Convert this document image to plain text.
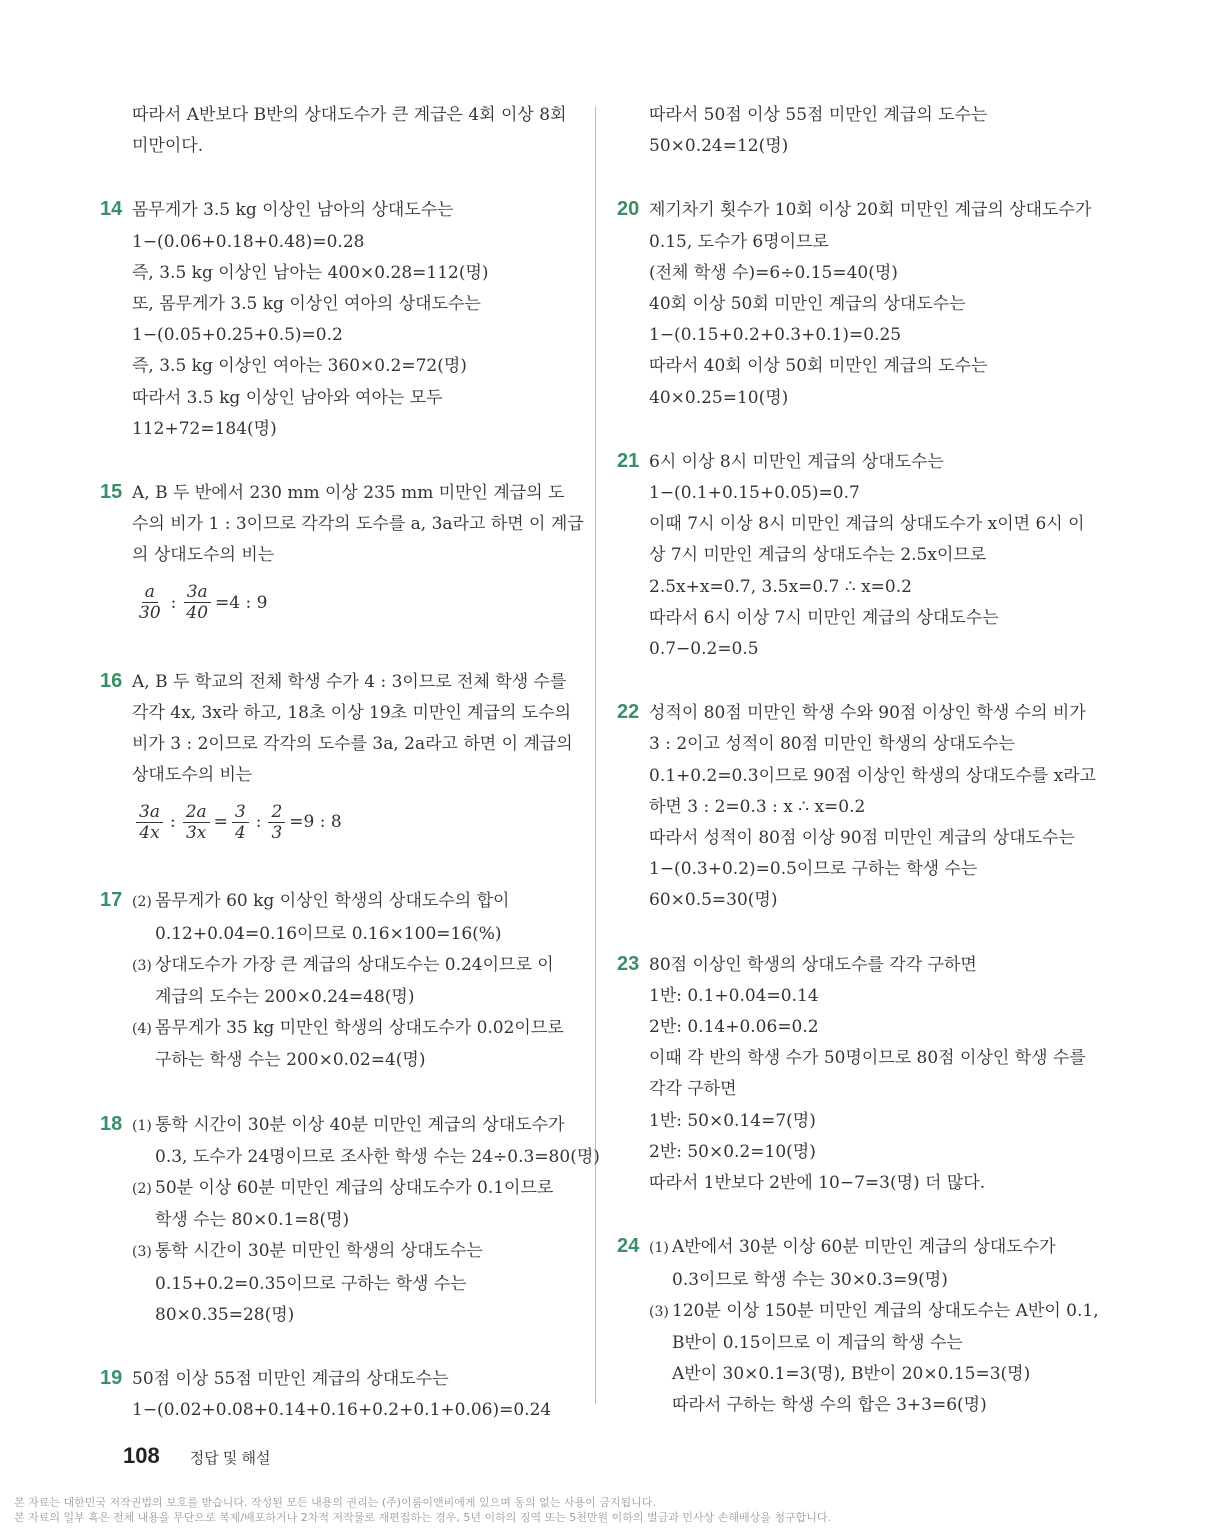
따라서 A반보다 B반의 상대도수가 큰 계급은 4회 이상 8회
미만이다.
14 몸무게가 3.5 kg 이상인 남아의 상대도수는
1−(0.06+0.18+0.48)=0.28
즉, 3.5 kg 이상인 남아는 400×0.28=112(명)
또, 몸무게가 3.5 kg 이상인 여아의 상대도수는
1−(0.05+0.25+0.5)=0.2
즉, 3.5 kg 이상인 여아는 360×0.2=72(명)
따라서 3.5 kg 이상인 남아와 여아는 모두
112+72=184(명)
15 A, B 두 반에서 230 mm 이상 235 mm 미만인 계급의 도
수의 비가 1 : 3이므로 각각의 도수를 a, 3a라고 하면 이 계급
의 상대도수의 비는
$\frac{a}{30}$ : $\frac{3a}{40} =4$ : 9
16 A, B 두 학교의 전체 학생 수가 4 : 3이므로 전체 학생 수를
각각 4x, 3x라 하고, 18초 이상 19초 미만인 계급의 도수의
비가 3 : 2이므로 각각의 도수를 3a, 2a라고 하면 이 계급의
상대도수의 비는
$\frac{3a}{4x}$ : $\frac{2a}{3x} = \frac{3}{4}$ : $\frac{2}{3} =9$ : 8
17 (2) 몸무게가 60 kg 이상인 학생의 상대도수의 합이
0.12+0.04=0.16이므로 0.16×100=16(%)
(3) 상대도수가 가장 큰 계급의 상대도수는 0.24이므로 이
계급의 도수는 200×0.24=48(명)
(4) 몸무게가 35 kg 미만인 학생의 상대도수가 0.02이므로
구하는 학생 수는 200×0.02=4(명)
18 (1) 통학 시간이 30분 이상 40분 미만인 계급의 상대도수가
0.3, 도수가 24명이므로 조사한 학생 수는 24÷0.3=80(명)
(2) 50분 이상 60분 미만인 계급의 상대도수가 0.1이므로
학생 수는 80×0.1=8(명)
(3) 통학 시간이 30분 미만인 학생의 상대도수는
0.15+0.2=0.35이므로 구하는 학생 수는
80×0.35=28(명)
19 50점 이상 55점 미만인 계급의 상대도수는
1−(0.02+0.08+0.14+0.16+0.2+0.1+0.06)=0.24
따라서 50점 이상 55점 미만인 계급의 도수는
50×0.24=12(명)
20 제기차기 횟수가 10회 이상 20회 미만인 계급의 상대도수가
0.15, 도수가 6명이므로
(전체 학생 수)=6÷0.15=40(명)
40회 이상 50회 미만인 계급의 상대도수는
1−(0.15+0.2+0.3+0.1)=0.25
따라서 40회 이상 50회 미만인 계급의 도수는
40×0.25=10(명)
21 6시 이상 8시 미만인 계급의 상대도수는
1−(0.1+0.15+0.05)=0.7
이때 7시 이상 8시 미만인 계급의 상대도수가 x이면 6시 이
상 7시 미만인 계급의 상대도수는 2.5x이므로
2.5x+x=0.7, 3.5x=0.7 ∴ x=0.2
따라서 6시 이상 7시 미만인 계급의 상대도수는
0.7−0.2=0.5
22 성적이 80점 미만인 학생 수와 90점 이상인 학생 수의 비가
3 : 2이고 성적이 80점 미만인 학생의 상대도수는
0.1+0.2=0.3이므로 90점 이상인 학생의 상대도수를 x라고
하면 3 : 2=0.3 : x ∴ x=0.2
따라서 성적이 80점 이상 90점 미만인 계급의 상대도수는
1−(0.3+0.2)=0.5이므로 구하는 학생 수는
60×0.5=30(명)
23 80점 이상인 학생의 상대도수를 각각 구하면
1반: 0.1+0.04=0.14
2반: 0.14+0.06=0.2
이때 각 반의 학생 수가 50명이므로 80점 이상인 학생 수를
각각 구하면
1반: 50×0.14=7(명)
2반: 50×0.2=10(명)
따라서 1반보다 2반에 10−7=3(명) 더 많다.
24 (1) A반에서 30분 이상 60분 미만인 계급의 상대도수가
0.3이므로 학생 수는 30×0.3=9(명)
(3) 120분 이상 150분 미만인 계급의 상대도수는 A반이 0.1,
B반이 0.15이므로 이 계급의 학생 수는
A반이 30×0.1=3(명), B반이 20×0.15=3(명)
따라서 구하는 학생 수의 합은 3+3=6(명)
108 정답 및 해설
본 자료는 대한민국 저작권법의 보호를 받습니다. 작성된 모든 내용의 권리는 (주)이룸이앤비에게 있으며 동의 없는 사용이 금지됩니다.
본 자료의 일부 혹은 전체 내용을 무단으로 복제/배포하거나 2차적 저작물로 재편집하는 경우, 5년 이하의 징역 또는 5천만원 이하의 벌금과 민사상 손해배상을 청구합니다.
